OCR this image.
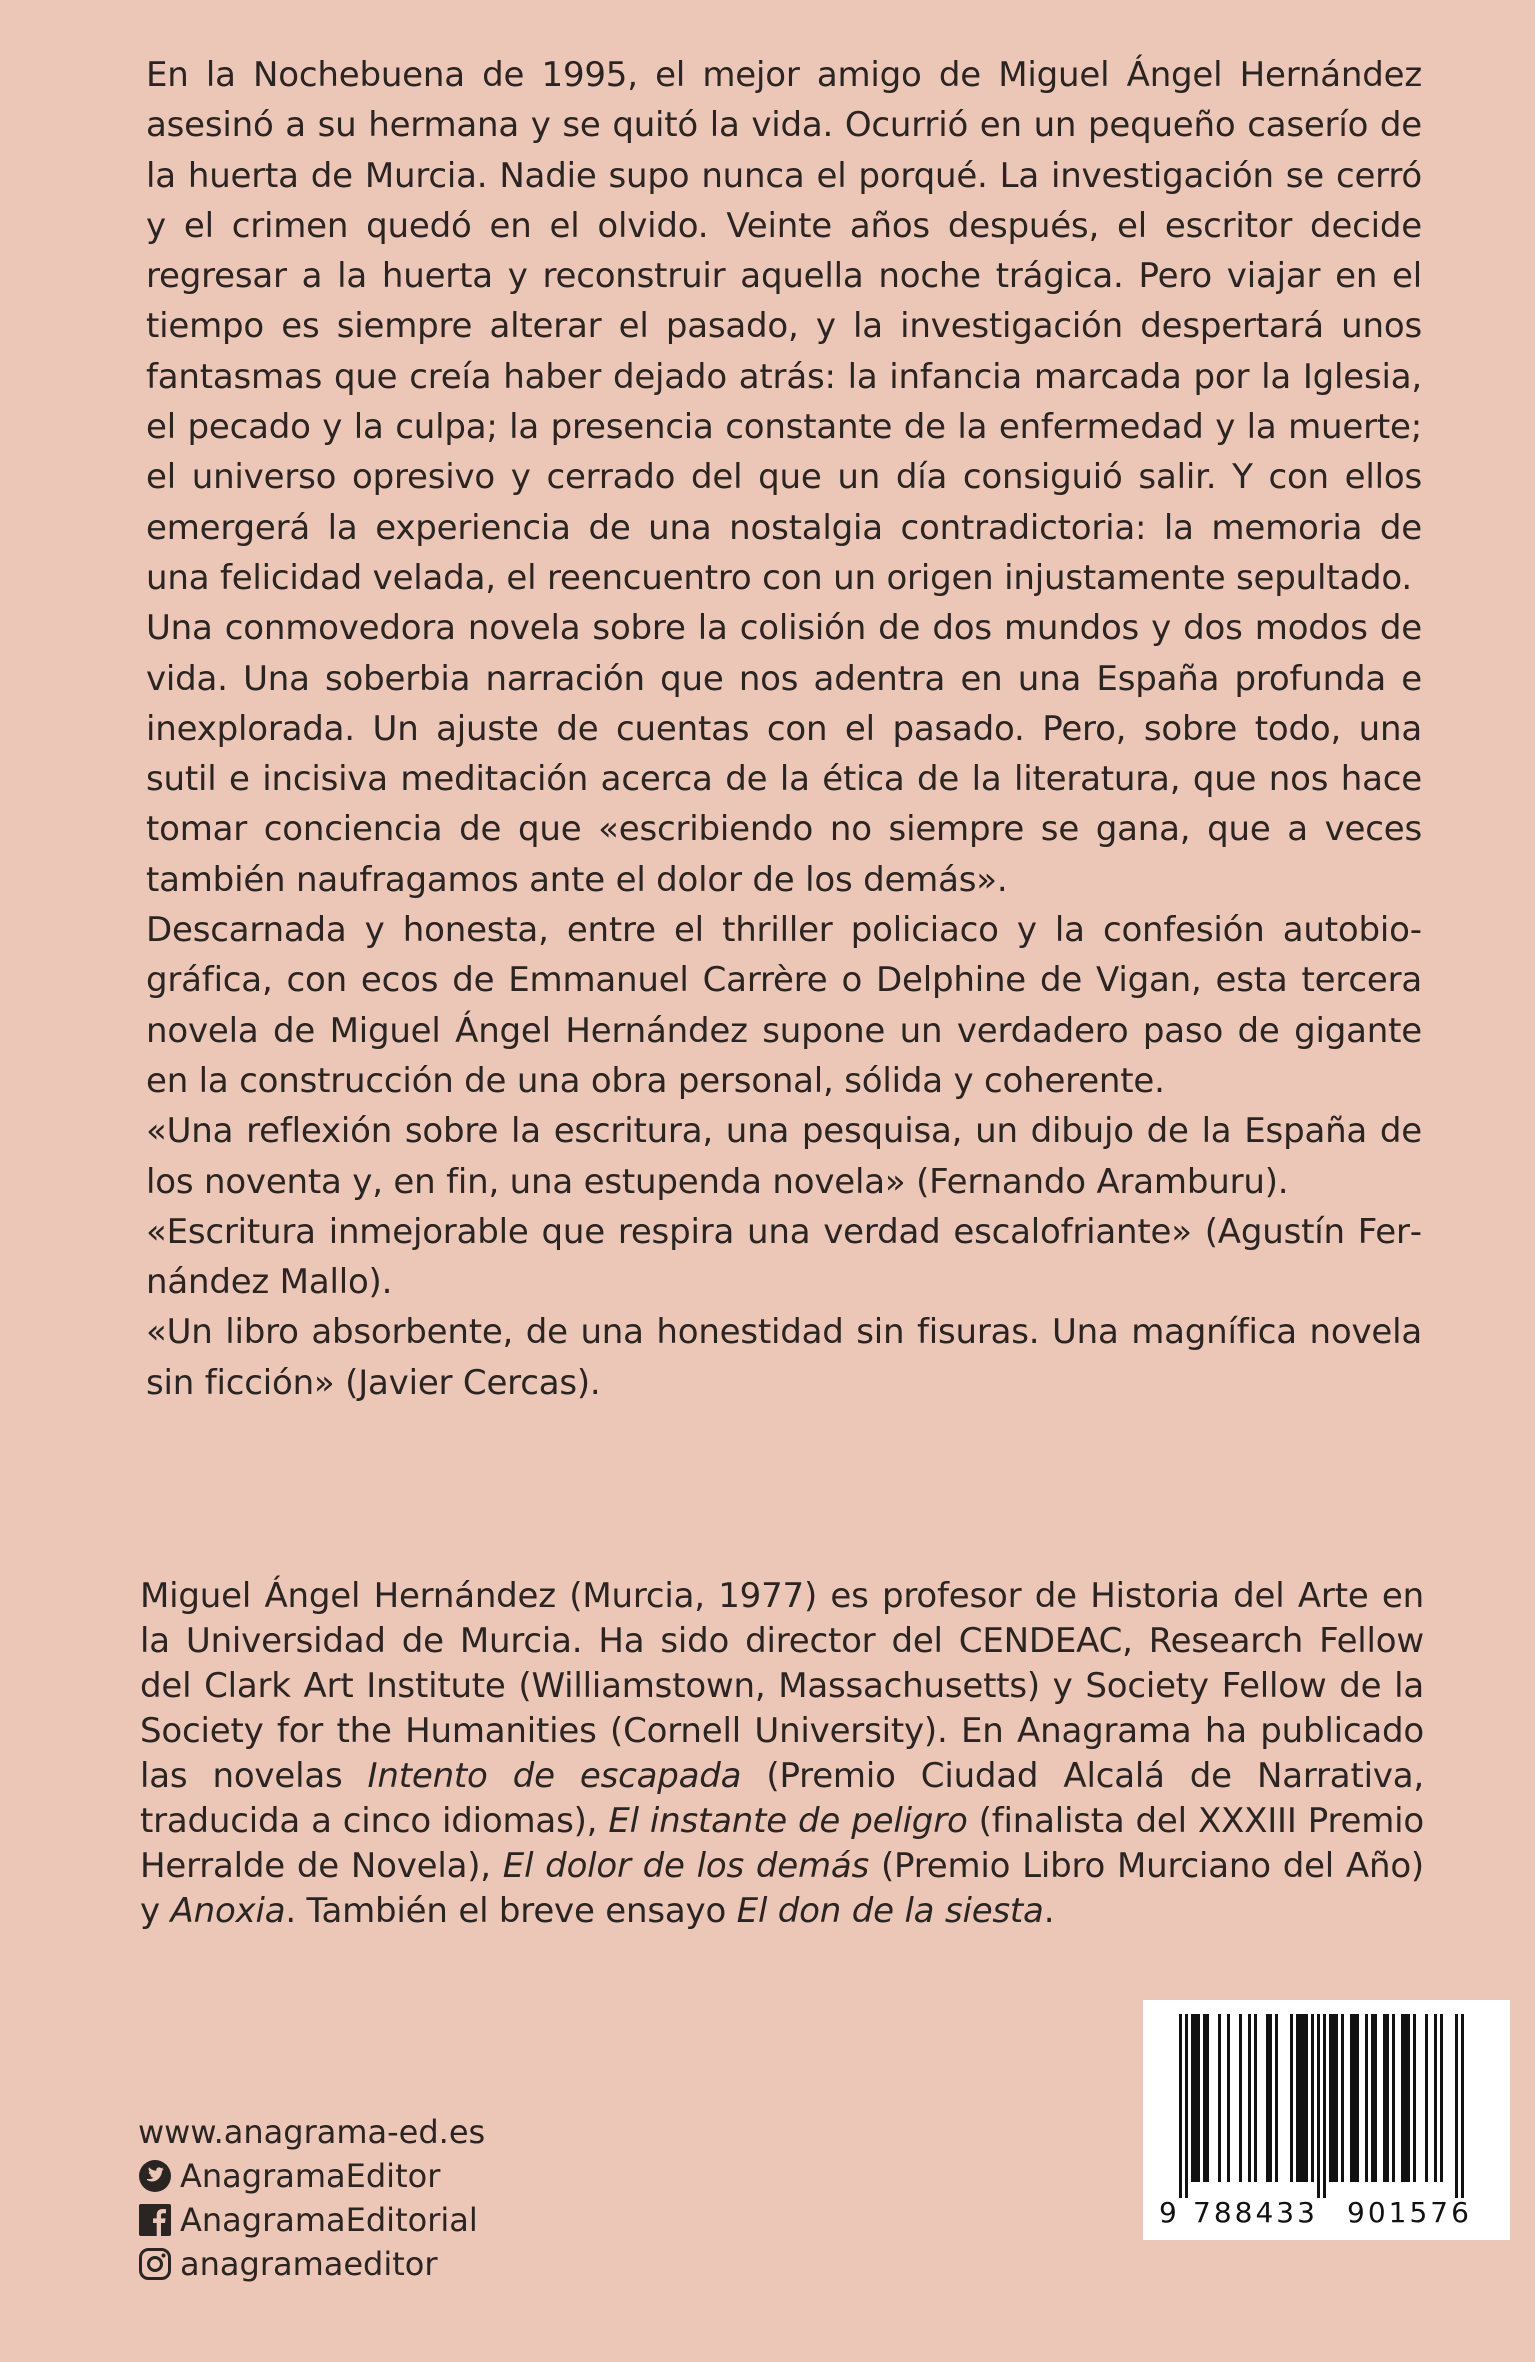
En la Nochebuena de 1995, el mejor amigo de Miguel Ángel Hernández asesinó a su hermana y se quitó la vida. Ocurrió en un pequeño caserío de la huerta de Murcia. Nadie supo nunca el porqué. La investigación se cerró y el crimen quedó en el olvido. Veinte años después, el escritor decide regresar a la huerta y reconstruir aquella noche trágica. Pero viajar en el tiempo es siempre alterar el pasado, y la investigación despertará unos fantasmas que creía haber dejado atrás: la infancia marcada por la Iglesia, el pecado y la culpa; la presencia constante de la enfermedad y la muerte; el universo opresivo y cerrado del que un día consiguió salir. Y con ellos emergerá la experiencia de una nostalgia contradictoria: la memoria de una felicidad velada, el reencuentro con un origen injustamente sepultado.

Una conmovedora novela sobre la colisión de dos mundos y dos modos de vida. Una soberbia narración que nos adentra en una España profunda e inexplorada. Un ajuste de cuentas con el pasado. Pero, sobre todo, una sutil e incisiva meditación acerca de la ética de la literatura, que nos hace tomar conciencia de que «escribiendo no siempre se gana, que a veces también naufragamos ante el dolor de los demás».

Descarnada y honesta, entre el thriller policiaco y la confesión autobiográfica, con ecos de Emmanuel Carrère o Delphine de Vigan, esta tercera novela de Miguel Ángel Hernández supone un verdadero paso de gigante en la construcción de una obra personal, sólida y coherente.

«Una reflexión sobre la escritura, una pesquisa, un dibujo de la España de los noventa y, en fin, una estupenda novela» (Fernando Aramburu).

«Escritura inmejorable que respira una verdad escalofriante» (Agustín Fernández Mallo).

«Un libro absorbente, de una honestidad sin fisuras. Una magnífica novela sin ficción» (Javier Cercas).

Miguel Ángel Hernández (Murcia, 1977) es profesor de Historia del Arte en la Universidad de Murcia. Ha sido director del CENDEAC, Research Fellow del Clark Art Institute (Williamstown, Massachusetts) y Society Fellow de la Society for the Humanities (Cornell University). En Anagrama ha publicado las novelas Intento de escapada (Premio Ciudad Alcalá de Narrativa, traducida a cinco idiomas), El instante de peligro (finalista del XXXIII Premio Herralde de Novela), El dolor de los demás (Premio Libro Murciano del Año) y Anoxia. También el breve ensayo El don de la siesta.

www.anagrama-ed.es
AnagramaEditor
AnagramaEditorial
anagramaeditor
9 788433 901576
